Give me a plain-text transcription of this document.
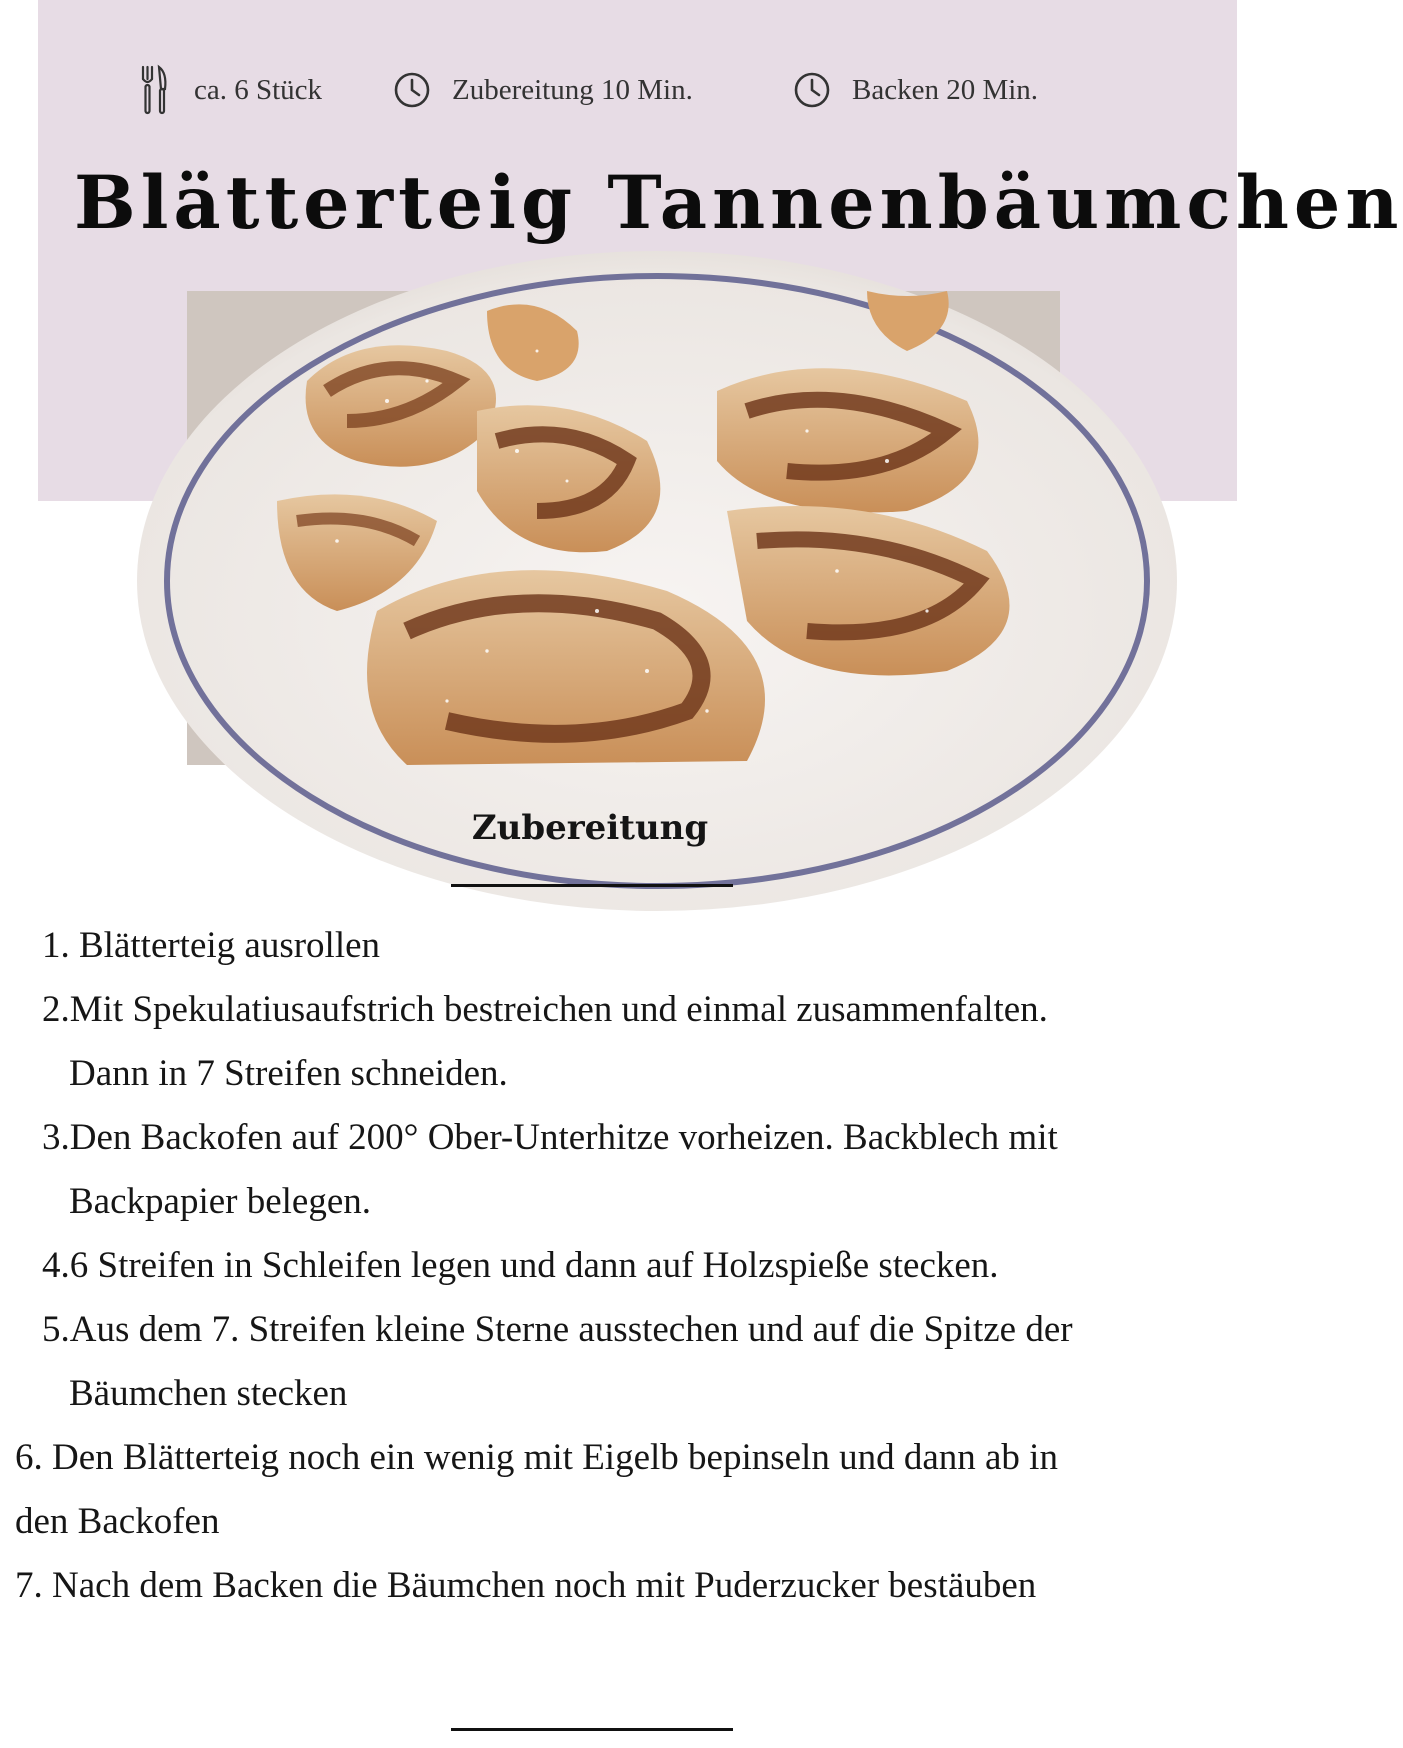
ca. 6 Stück	Zubereitung 10 Min.	Backen 20 Min.
Blätterteig Tannenbäumchen
Zubereitung
1. Blätterteig ausrollen
2.Mit Spekulatiusaufstrich bestreichen und einmal zusammenfalten.
Dann in 7 Streifen schneiden.
3.Den Backofen auf 200° Ober-Unterhitze vorheizen. Backblech mit
Backpapier belegen.
4.6 Streifen in Schleifen legen und dann auf Holzspieße stecken.
5.Aus dem 7. Streifen kleine Sterne ausstechen und auf die Spitze der
Bäumchen stecken
6. Den Blätterteig noch ein wenig mit Eigelb bepinseln und dann ab in
den Backofen
7. Nach dem Backen die Bäumchen noch mit Puderzucker bestäuben
